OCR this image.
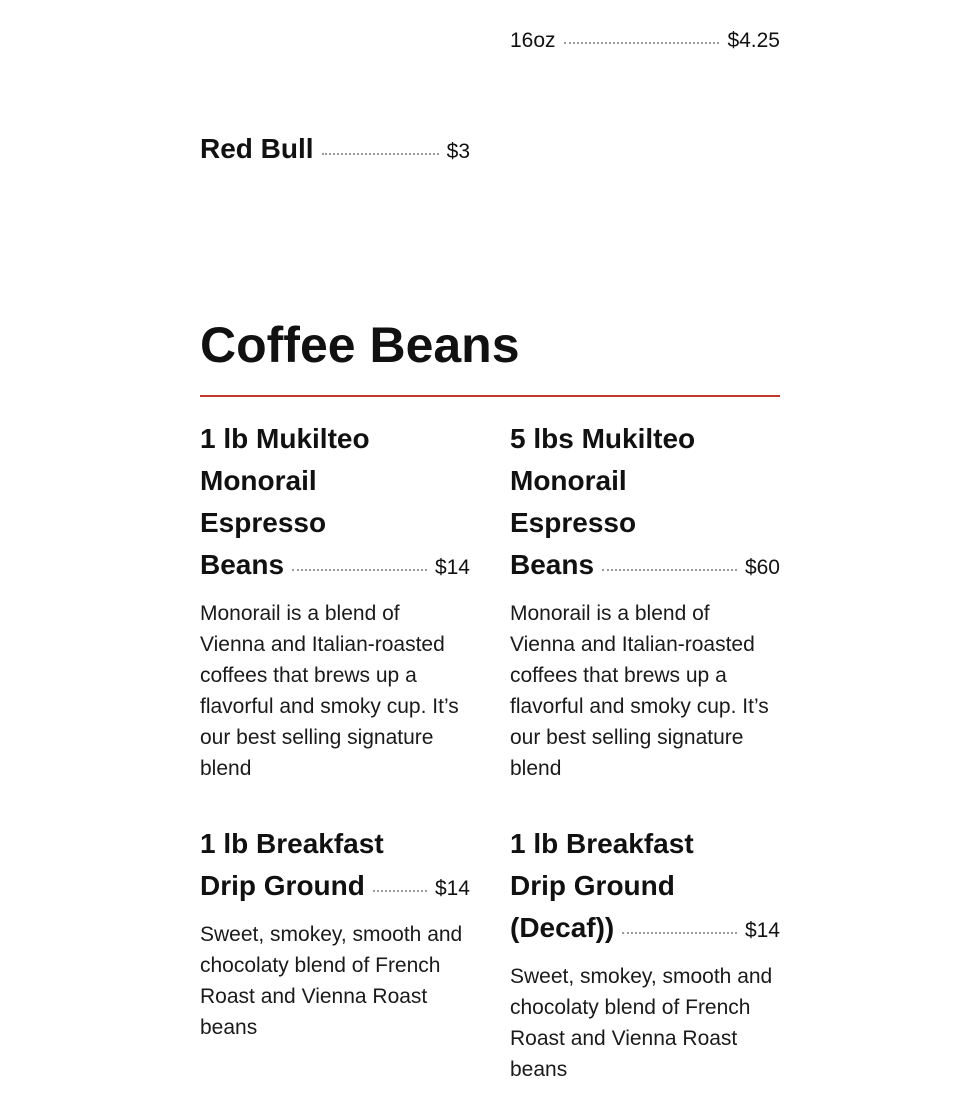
16oz	$4.25
Red Bull	$3
Coffee Beans
1 lb Mukilteo
Monorail
Espresso
Beans	$14
Monorail is a blend of Vienna and Italian-roasted coffees that brews up a flavorful and smoky cup. It’s our best selling signature blend
5 lbs Mukilteo
Monorail
Espresso
Beans	$60
Monorail is a blend of Vienna and Italian-roasted coffees that brews up a flavorful and smoky cup. It’s our best selling signature blend
1 lb Breakfast
Drip Ground	$14
Sweet, smokey, smooth and chocolaty blend of French Roast and Vienna Roast beans
1 lb Breakfast
Drip Ground
(Decaf))	$14
Sweet, smokey, smooth and chocolaty blend of French Roast and Vienna Roast beans
